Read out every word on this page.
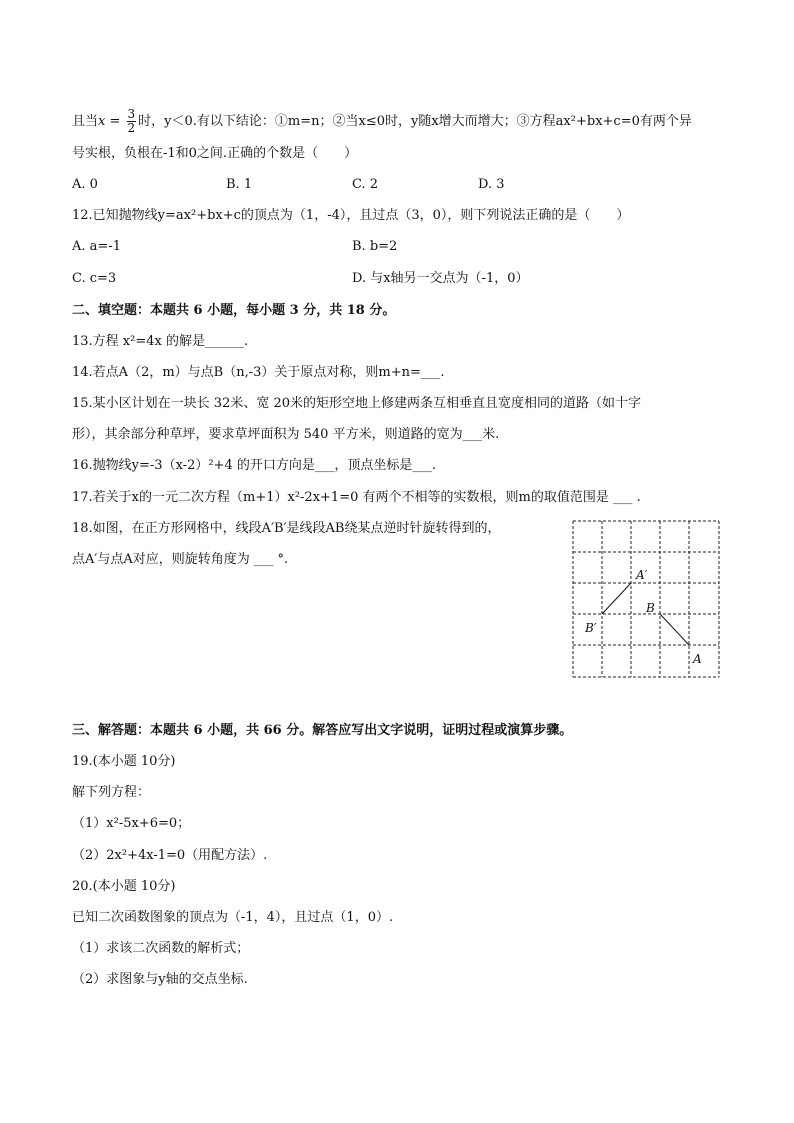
且当$x = \frac{3}{2}$ 时，y＜0.有以下结论：①m=n；②当x≤0时，y随x增大而增大；③方程ax²+bx+c=0有两个异
号实根，负根在-1和0之间.正确的个数是（　　）
A. 0	B. 1	C. 2	D. 3
12.已知抛物线y=ax²+bx+c的顶点为（1，-4），且过点（3，0），则下列说法正确的是（　　）
A. a=-1	B. b=2
C. c=3	D. 与x轴另一交点为（-1，0）
二、填空题：本题共 6 小题，每小题 3 分，共 18 分。
13.方程 x²=4x 的解是______.
14.若点A（2，m）与点B（n,-3）关于原点对称，则m+n=___.
15.某小区计划在一块长 32米、宽 20米的矩形空地上修建两条互相垂直且宽度相同的道路（如十字
形），其余部分种草坪，要求草坪面积为 540 平方米，则道路的宽为___米.
16.抛物线y=-3（x-2）²+4 的开口方向是___，顶点坐标是___.
17.若关于x的一元二次方程（m+1）x²-2x+1=0 有两个不相等的实数根，则m的取值范围是 ___ .
18.如图，在正方形网格中，线段A′B′是线段AB绕某点逆时针旋转得到的，
点A′与点A对应，则旋转角度为 ___ °.
A′
B′
B
A
三、解答题：本题共 6 小题，共 66 分。解答应写出文字说明，证明过程或演算步骤。
19.(本小题 10分)
解下列方程：
（1）x²-5x+6=0；
（2）2x²+4x-1=0（用配方法）.
20.(本小题 10分)
已知二次函数图象的顶点为（-1，4），且过点（1，0）.
（1）求该二次函数的解析式；
（2）求图象与y轴的交点坐标.
